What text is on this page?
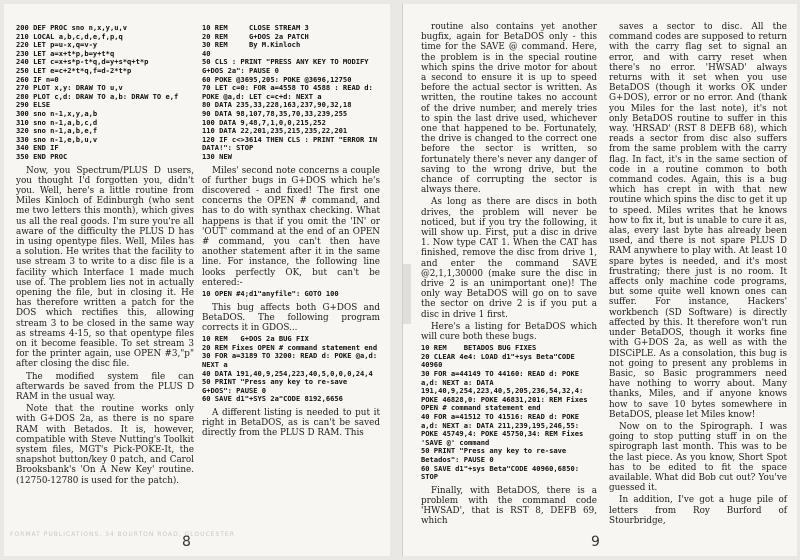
200 DEF PROC sno n,x,y,u,v
210 LOCAL a,b,c,d,e,f,p,q
220 LET p=u-x,q=v-y
230 LET a=x+t*p,b=y+t*q
240 LET c=x+s*p-t*q,d=y+s*q+t*p
250 LET e=c+2*t*q,f=d-2*t*p
260 IF n=0
270 PLOT x,y: DRAW TO u,v
280 PLOT c,d: DRAW TO a,b: DRAW TO e,f
290 ELSE
300 sno n-1,x,y,a,b
310 sno n-1,a,b,c,d
320 sno n-1,a,b,e,f
330 sno n-1,e,b,u,v
340 END IF
350 END PROC

Now, you Spectrum/PLUS D users, you thought I'd forgotten you, didn't you. Well, here's a little routine from Miles Kinloch of Edinburgh (who sent me two letters this month), which gives us all the real goods. I'm sure you're all aware of the difficulty the PLUS D has in using opentype files. Well, Miles has a solution. He writes that the facility to use stream 3 to write to a disc file is a facility which Interface 1 made much use of. The problem lies not in actually opening the file, but in closing it. He has therefore written a patch for the DOS which rectifies this, allowing stream 3 to be closed in the same way as streams 4-15, so that opentype files on it become feasible. To set stream 3 for the printer again, use OPEN #3,"p" after closing the disc file.

The modified system file can afterwards be saved from the PLUS D RAM in the usual way.

Note that the routine works only with G+DOS 2a, as there is no spare RAM with Betados. It is, however, compatible with Steve Nutting's Toolkit system files, MGT's Pick-POKE-It, the snapshot button/key 0 patch, and Carol Brooksbank's 'On A New Key' routine. (12750-12780 is used for the patch).

10 REM     CLOSE STREAM 3
20 REM     G+DOS 2a PATCH
30 REM     By M.Kinloch
40
50 CLS : PRINT "PRESS ANY KEY TO MODIFY G+DOS 2a": PAUSE 0
60 POKE @3695,205: POKE @3696,12750
70 LET c=0: FOR a=4558 TO 4588 : READ d: POKE @a,d: LET c=c+d: NEXT a
80 DATA 235,33,228,163,237,90,32,18
90 DATA 98,107,78,35,70,33,239,255
100 DATA 9,48,7,1,0,0,215,252
110 DATA 22,201,235,215,235,22,201
120 IF c<>3614 THEN CLS : PRINT "ERROR IN DATA!": STOP
130 NEW

Miles' second note concerns a couple of further bugs in G+DOS which he's discovered - and fixed! The first one concerns the OPEN # command, and has to do with synthax checking. What happens is that if you omit the 'IN' or 'OUT' command at the end of an OPEN # command, you can't then have another statement after it in the same line. For instance, the following line looks perfectly OK, but can't be entered:-

10 OPEN #4;d1"anyfile": GOTO 100

This bug affects both G+DOS and BetaDOS. The following program corrects it in GDOS...

10 REM   G+DOS 2a BUG FIX
20 REM Fixes OPEN # command statement end
30 FOR a=3189 TO 3200: READ d: POKE @a,d: NEXT a
40 DATA 191,40,9,254,223,40,5,0,0,0,24,4
50 PRINT "Press any key to re-save G+DOS": PAUSE 0
60 SAVE d1"+SYS 2a"CODE 8192,6656

A different listing is needed to put it right in BetaDOS, as is can't be saved directly from the PLUS D RAM. This

FORMAT PUBLICATIONS, 34 BOURTON ROAD, GLOUCESTER
8

routine also contains yet another bugfix, again for BetaDOS only - this time for the SAVE @ command. Here, the problem is in the special routine which spins the drive motor for about a second to ensure it is up to speed before the actual sector is written. As written, the routine takes no account of the drive number, and merely tries to spin the last drive used, whichever one that happened to be. Fortunately, the drive is changed to the correct one before the sector is written, so fortunately there's never any danger of saving to the wrong drive, but the chance of corrupting the sector is always there.

As long as there are discs in both drives, the problem will never be noticed, but if you try the following, it will show up. First, put a disc in drive 1. Now type CAT 1. When the CAT has finished, remove the disc from drive 1, and enter the command SAVE @2,1,1,30000 (make sure the disc in drive 2 is an unimportant one)! The only way BetaDOS will go on to save the sector on drive 2 is if you put a disc in drive 1 first.

Here's a listing for BetaDOS which will cure both these bugs.

10 REM    BETADOS BUG FIXES
20 CLEAR 4e4: LOAD d1"+sys Beta"CODE 40960
30 FOR a=44149 TO 44160: READ d: POKE a,d: NEXT a: DATA 191,40,9,254,223,40,5,205,236,54,32,4: POKE 46828,0: POKE 46831,201: REM Fixes OPEN # command statement end
40 FOR a=41512 TO 41516: READ d: POKE a,d: NEXT a: DATA 211,239,195,246,55: POKE 45749,4: POKE 45750,34: REM Fixes 'SAVE @' command
50 PRINT "Press any key to re-save Betados": PAUSE 0
60 SAVE d1"+sys Beta"CODE 40960,6850: STOP

Finally, with BetaDOS, there is a problem with the command code 'HWSAD', that is RST 8, DEFB 69, which

saves a sector to disc. All the command codes are supposed to return with the carry flag set to signal an error, and with carry reset when there's no error. 'HWSAD' always returns with it set when you use BetaDOS (though it works OK under G+DOS), error or no error. And (thank you Miles for the last note), it's not only BetaDOS routine to suffer in this way. 'HRSAD' (RST 8 DEFB 68), which reads a sector from disc also suffers from the same problem with the carry flag. In fact, it's in the same section of code in a routine common to both command codes. Again, this is a bug which has crept in with that new routine which spins the disc to get it up to speed. Miles writes that he knows how to fix it, but is unable to cure it as, alas, every last byte has already been used, and there is not spare PLUS D RAM anywhere to play with. At least 10 spare bytes is needed, and it's most frustrating; there just is no room. It affects only machine code programs, but some quite well known ones can suffer. For instance, Hackers' workbench (SD Software) is directly affected by this. It therefore won't run under BetaDOS, though it works fine with G+DOS 2a, as well as with the DISCiPLE. As a consolation, this bug is not going to present any problems in Basic, so Basic programmers need have nothing to worry about. Many thanks, Miles, and if anyone knows how to save 10 bytes somewhere in BetaDOS, please let Miles know!

Now on to the Spirograph. I was going to stop putting stuff in on the spirograph last month. This was to be the last piece. As you know, Short Spot has to be edited to fit the space available. What did Bob cut out? You've guessed it.

In addition, I've got a huge pile of letters from Roy Burford of Stourbridge,

9
